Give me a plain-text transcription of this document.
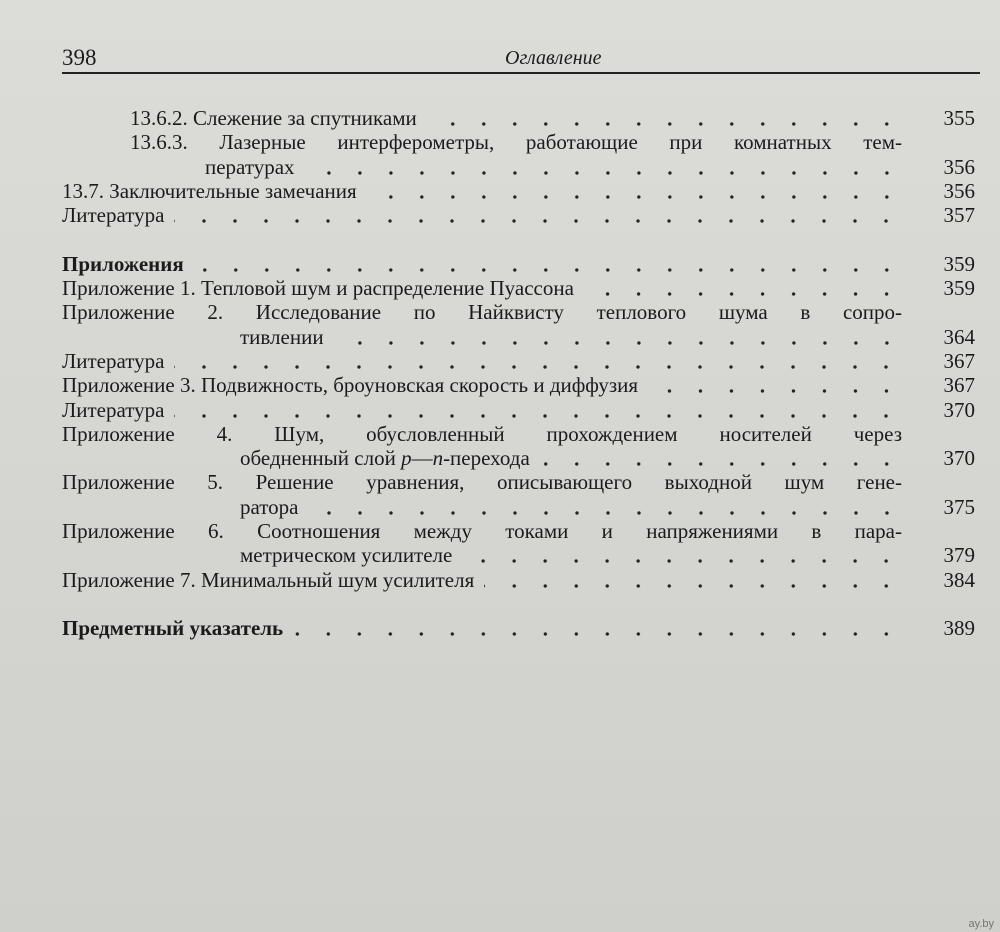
398	Оглавление
13.6.2. Слежение за спутниками	355
13.6.3. Лазерные интерферометры, работающие при комнатных тем-
пературах	356
13.7. Заключительные замечания	356
Литература	357
Приложения	359
Приложение 1. Тепловой шум и распределение Пуассона	359
Приложение 2. Исследование по Найквисту теплового шума в сопро-
тивлении	364
Литература	367
Приложение 3. Подвижность, броуновская скорость и диффузия	367
Литература	370
Приложение 4. Шум, обусловленный прохождением носителей через
обедненный слой p—n-перехода	370
Приложение 5. Решение уравнения, описывающего выходной шум гене-
ратора	375
Приложение 6. Соотношения между токами и напряжениями в пара-
метрическом усилителе	379
Приложение 7. Минимальный шум усилителя	384
Предметный указатель	389
ay.by
